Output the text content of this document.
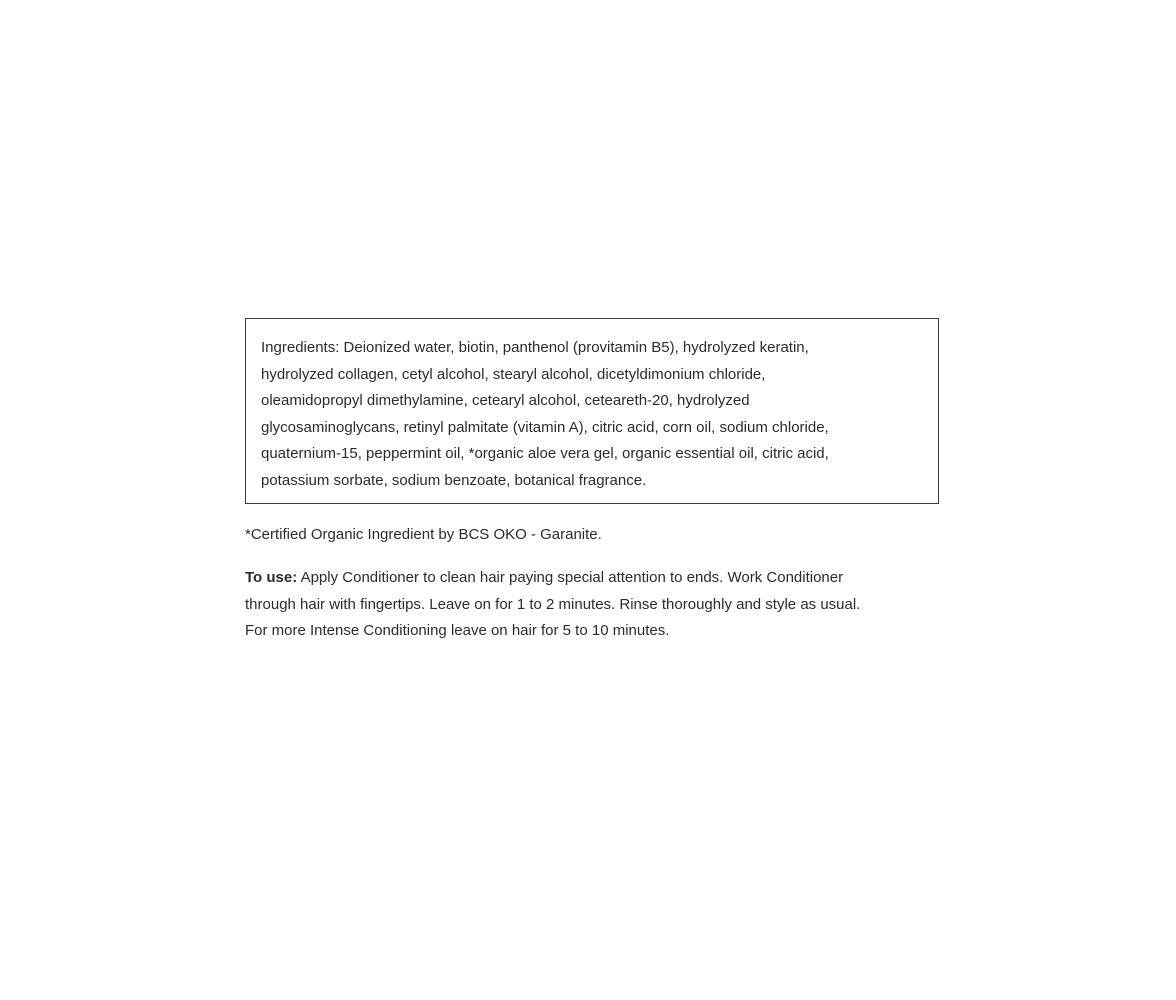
Ingredients: Deionized water, biotin, panthenol (provitamin B5), hydrolyzed keratin,
hydrolyzed collagen, cetyl alcohol, stearyl alcohol, dicetyldimonium chloride,
oleamidopropyl dimethylamine, cetearyl alcohol, ceteareth-20, hydrolyzed
glycosaminoglycans, retinyl palmitate (vitamin A), citric acid, corn oil, sodium chloride,
quaternium-15, peppermint oil, *organic aloe vera gel, organic essential oil, citric acid,
potassium sorbate, sodium benzoate, botanical fragrance.

*Certified Organic Ingredient by BCS OKO - Garanite.

To use: Apply Conditioner to clean hair paying special attention to ends. Work Conditioner
through hair with fingertips. Leave on for 1 to 2 minutes. Rinse thoroughly and style as usual.
For more Intense Conditioning leave on hair for 5 to 10 minutes.
